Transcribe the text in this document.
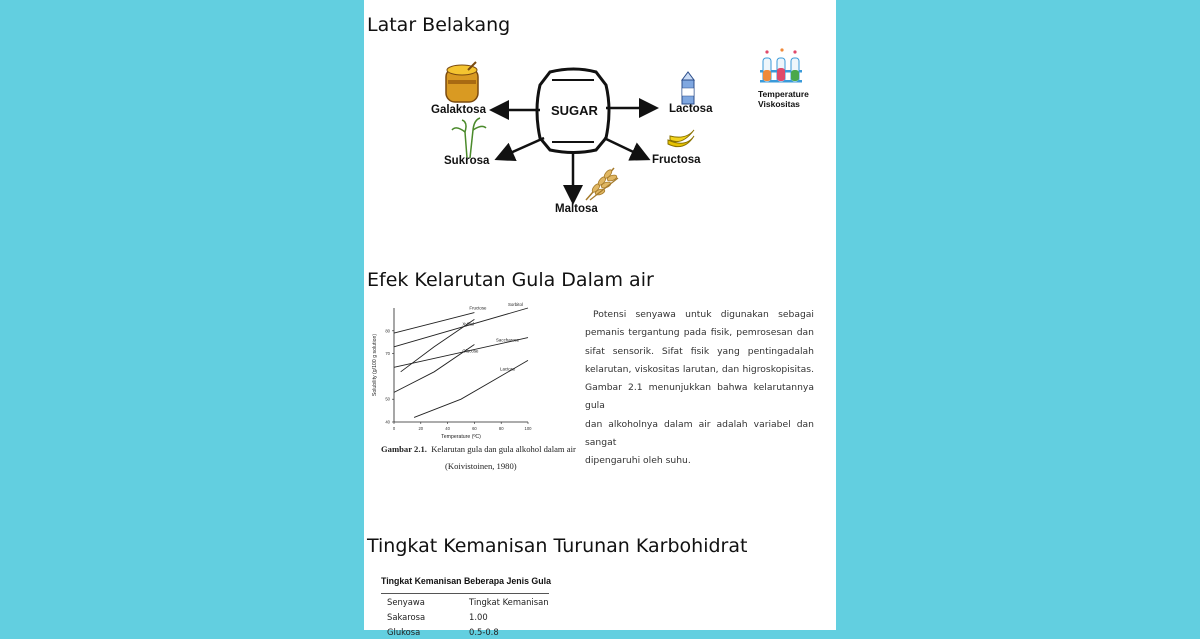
Latar Belakang
SUGAR
Galaktosa	Lactosa
Sukrosa	Fructosa
Maltosa
Temperature
Viskositas
Efek Kelarutan Gula Dalam air
0	20	40	60	80	100
40
50
70
80
Temperature (ºC)
Solubility (g/100 g solution)
Fructose
Sorbitol
Xylitol
Saccharose
Glucose
Lactose
Gambar 2.1. Kelarutan gula dan gula alkohol dalam air
(Koivistoinen, 1980)
Potensi senyawa untuk digunakan sebagai
pemanis tergantung pada fisik, pemrosesan dan
sifat sensorik. Sifat fisik yang pentingadalah
kelarutan, viskositas larutan, dan higroskopisitas.
Gambar 2.1 menunjukkan bahwa kelarutannya gula
dan alkoholnya dalam air adalah variabel dan sangat
dipengaruhi oleh suhu.
Tingkat Kemanisan Turunan Karbohidrat
Tingkat Kemanisan Beberapa Jenis Gula
Senyawa	Tingkat Kemanisan
Sakarosa	1.00
Glukosa	0.5-0.8
